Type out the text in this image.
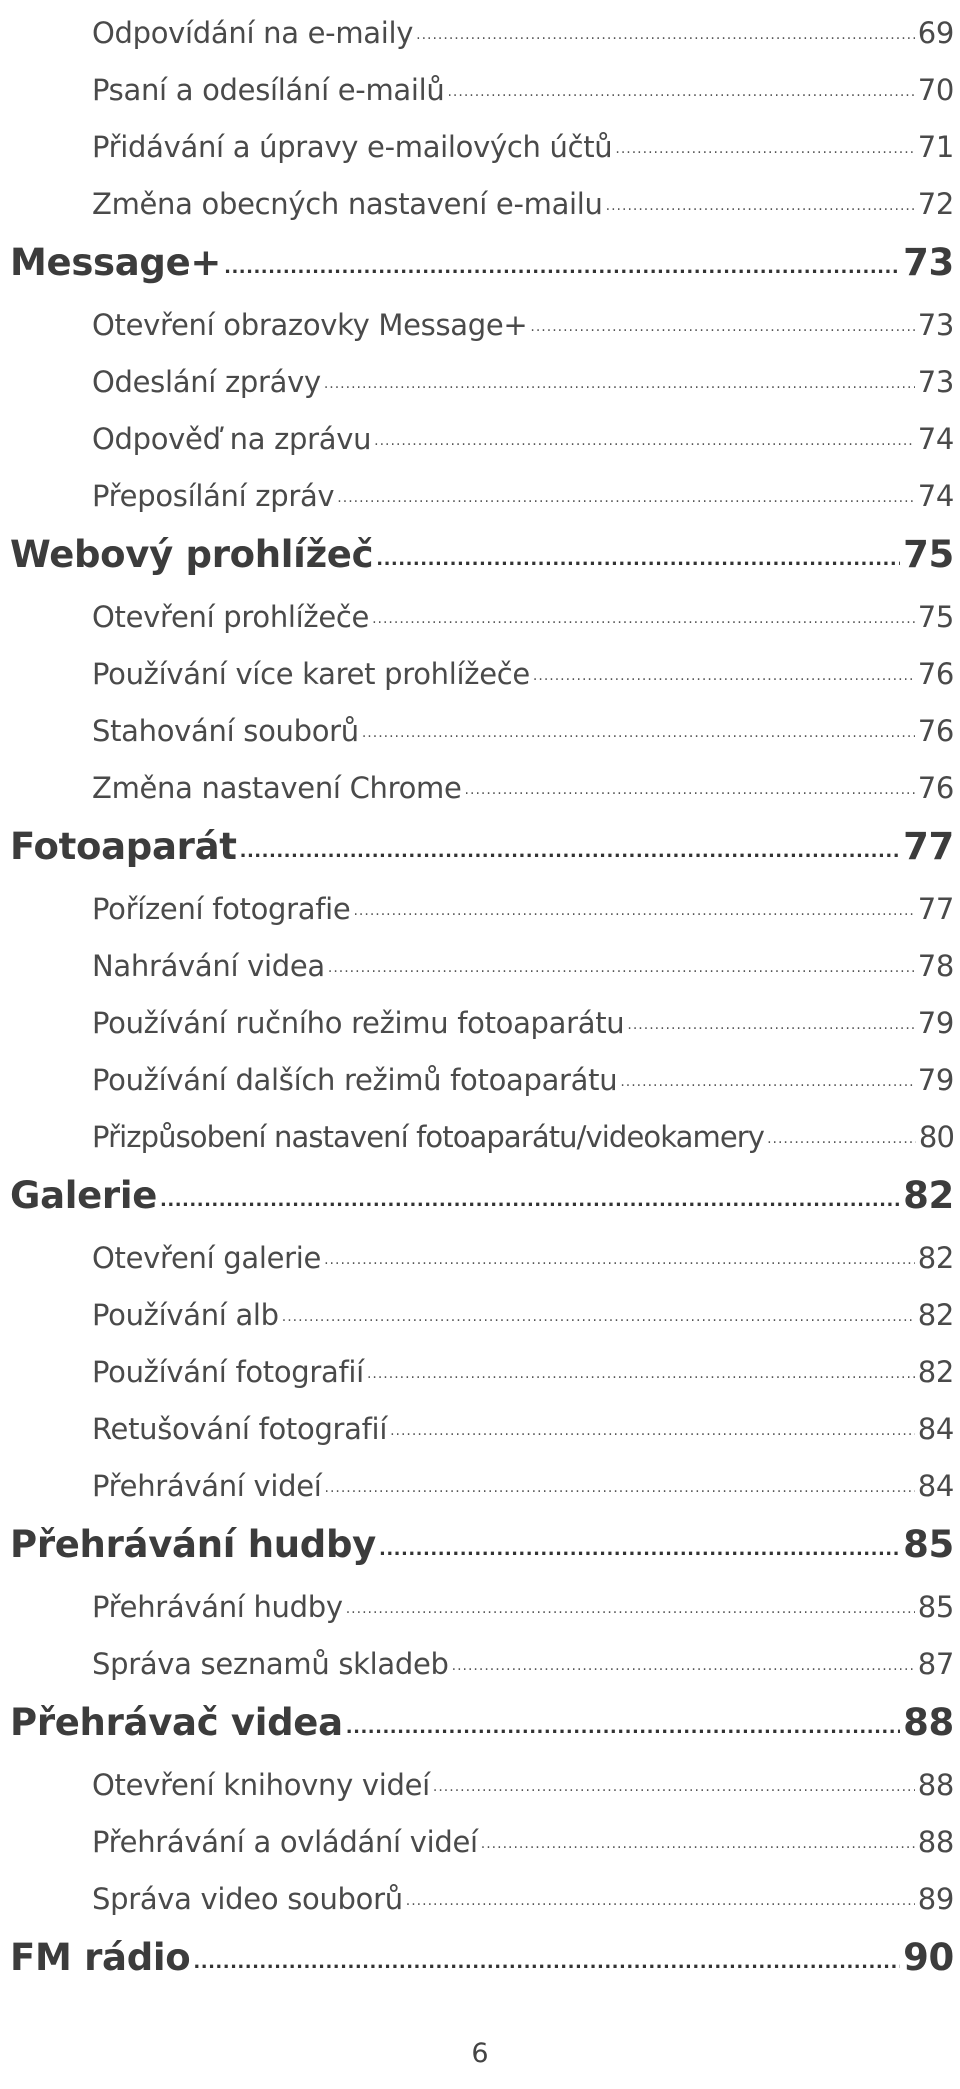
Odpovídání na e-maily .....	69
Psaní a odesílání e-mailů .....	70
Přidávání a úpravy e-mailových účtů .....	71
Změna obecných nastavení e-mailu .....	72
Message+ .....	73
Otevření obrazovky Message+ .....	73
Odeslání zprávy .....	73
Odpověď na zprávu .....	74
Přeposílání zpráv .....	74
Webový prohlížeč .....	75
Otevření prohlížeče .....	75
Používání více karet prohlížeče .....	76
Stahování souborů .....	76
Změna nastavení Chrome .....	76
Fotoaparát .....	77
Pořízení fotografie .....	77
Nahrávání videa .....	78
Používání ručního režimu fotoaparátu .....	79
Používání dalších režimů fotoaparátu .....	79
Přizpůsobení nastavení fotoaparátu/videokamery .....	80
Galerie .....	82
Otevření galerie .....	82
Používání alb .....	82
Používání fotografií .....	82
Retušování fotografií .....	84
Přehrávání videí .....	84
Přehrávání hudby .....	85
Přehrávání hudby .....	85
Správa seznamů skladeb .....	87
Přehrávač videa .....	88
Otevření knihovny videí .....	88
Přehrávání a ovládání videí .....	88
Správa video souborů .....	89
FM rádio .....	90
6
